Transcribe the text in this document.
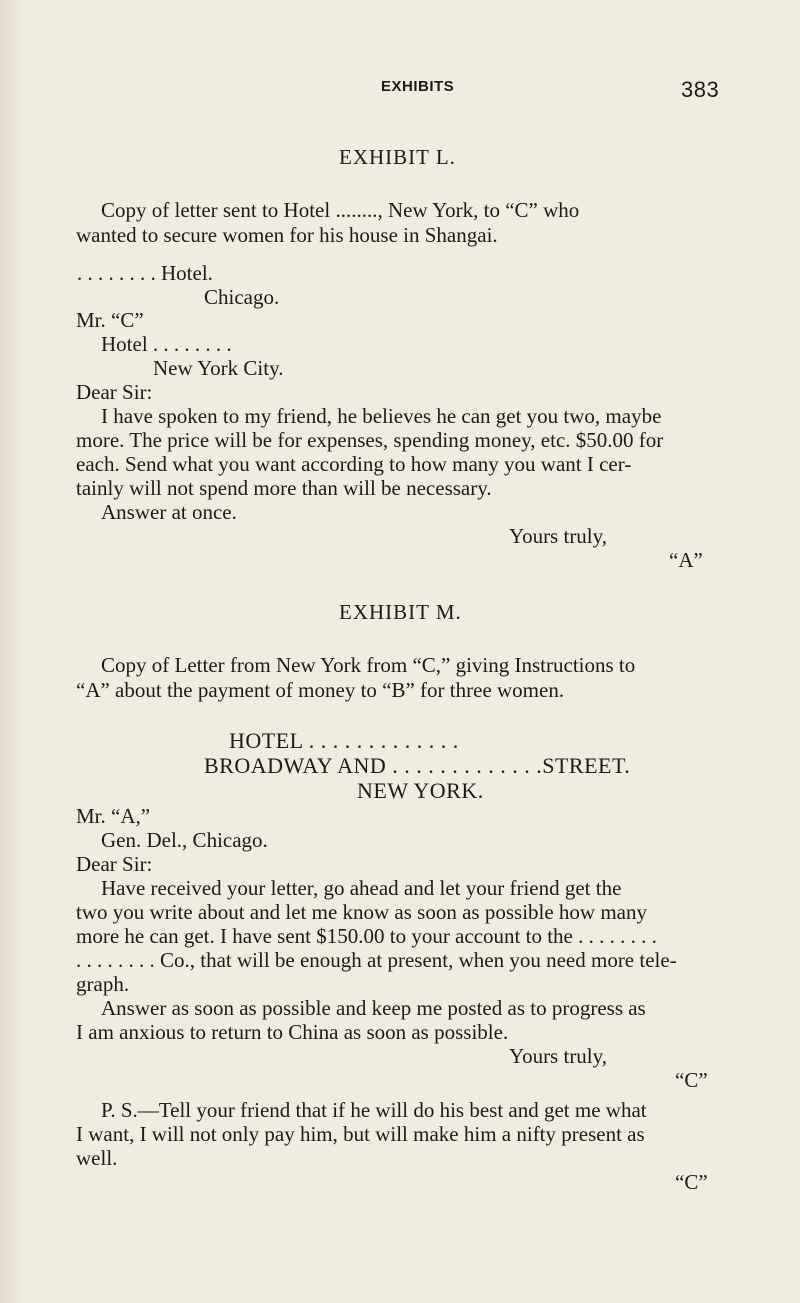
EXHIBITS	383
EXHIBIT L.
Copy of letter sent to Hotel ........, New York, to “C” who
wanted to secure women for his house in Shangai.
. . . . . . . . Hotel.
Chicago.
Mr. “C”
Hotel . . . . . . . .
New York City.
Dear Sir:
I have spoken to my friend, he believes he can get you two, maybe
more. The price will be for expenses, spending money, etc. $50.00 for
each. Send what you want according to how many you want I cer-
tainly will not spend more than will be necessary.
Answer at once.
Yours truly,
“A”
EXHIBIT M.
Copy of Letter from New York from “C,” giving Instructions to
“A” about the payment of money to “B” for three women.
HOTEL . . . . . . . . . . . . .
BROADWAY AND . . . . . . . . . . . . .STREET.
NEW YORK.
Mr. “A,”
Gen. Del., Chicago.
Dear Sir:
Have received your letter, go ahead and let your friend get the
two you write about and let me know as soon as possible how many
more he can get. I have sent $150.00 to your account to the . . . . . . . .
. . . . . . . . Co., that will be enough at present, when you need more tele-
graph.
Answer as soon as possible and keep me posted as to progress as
I am anxious to return to China as soon as possible.
Yours truly,
“C”
P. S.—Tell your friend that if he will do his best and get me what
I want, I will not only pay him, but will make him a nifty present as
well.
“C”
